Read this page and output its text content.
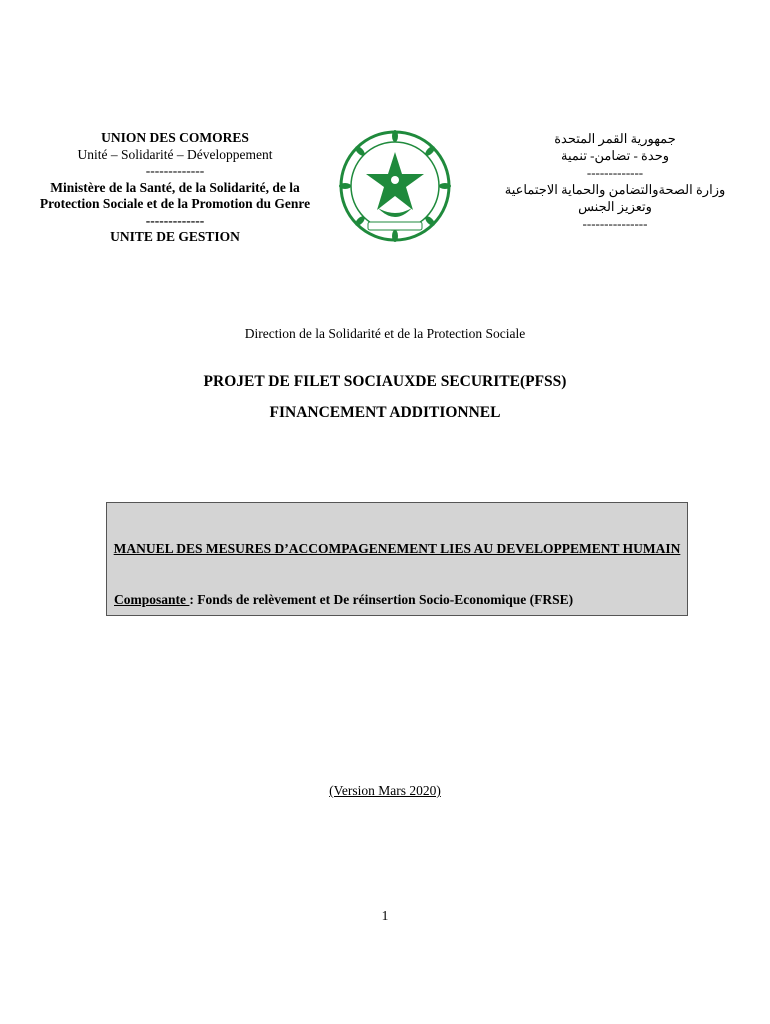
UNION DES COMORES
Unité – Solidarité – Développement
-------------
Ministère de la Santé, de la Solidarité, de la Protection Sociale et de la Promotion du Genre
-------------
UNITE DE GESTION
جمهورية القمر المتحدة
وحدة - تضامن- تنمية
-------------
وزارة الصحةوالتضامن والحماية الاجتماعية
وتعزيز الجنس
---------------
Direction de la Solidarité et de la Protection Sociale
PROJET DE FILET SOCIAUXDE SECURITE(PFSS)
FINANCEMENT ADDITIONNEL
MANUEL DES MESURES D’ACCOMPAGENEMENT LIES AU DEVELOPPEMENT HUMAIN
Composante : Fonds de relèvement et De réinsertion Socio-Economique (FRSE)
(Version Mars 2020)
1
